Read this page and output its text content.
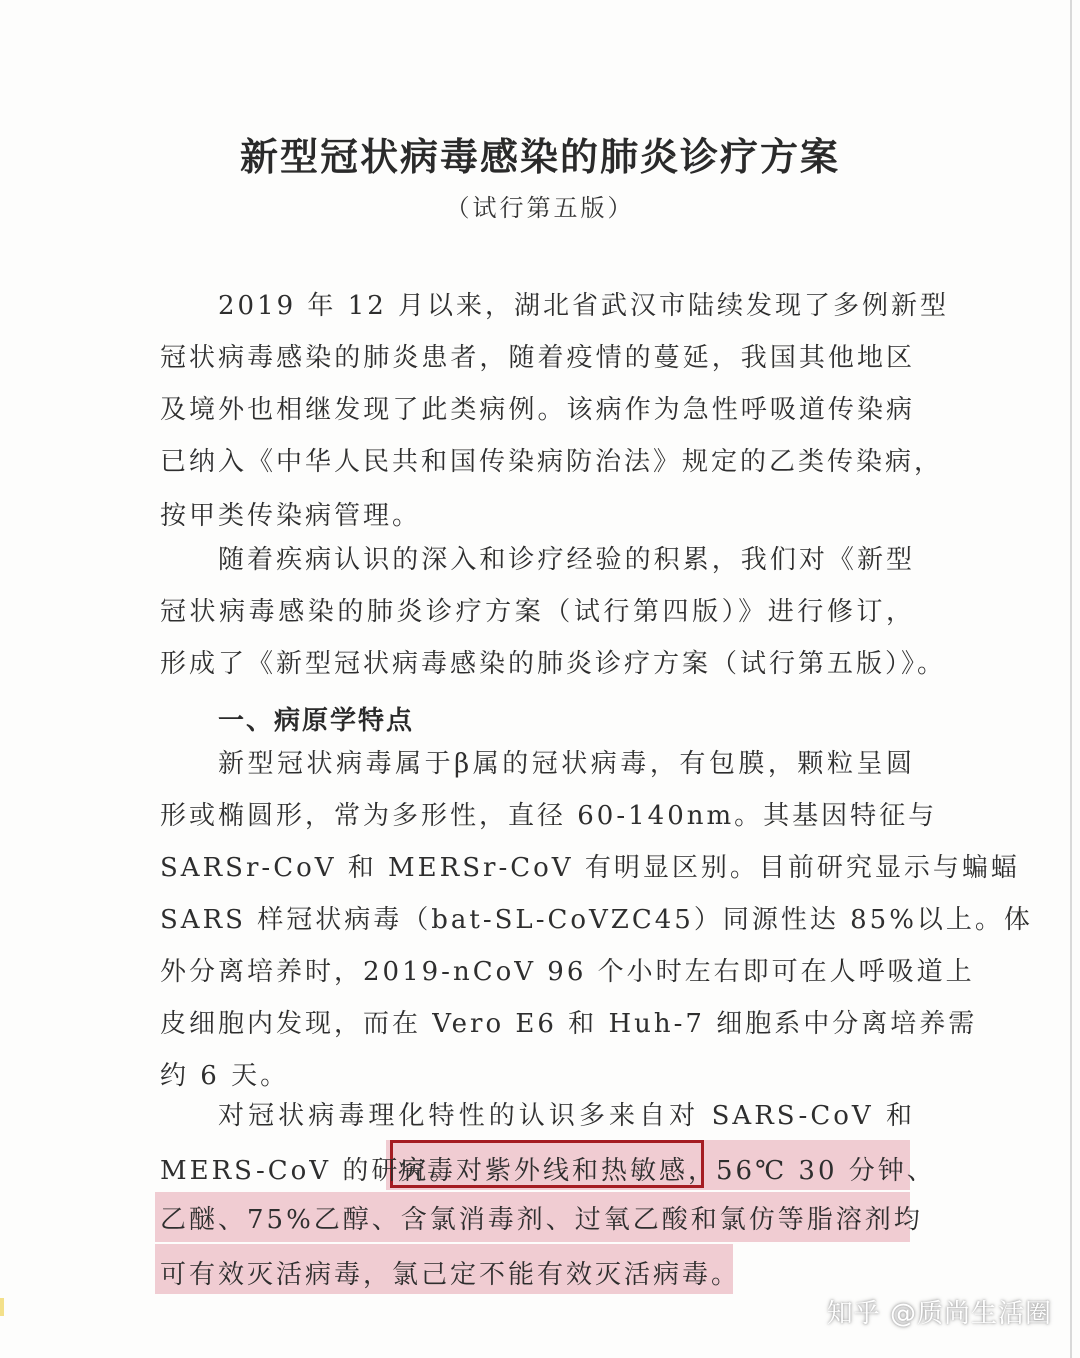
新型冠状病毒感染的肺炎诊疗方案
（试行第五版）
2019 年 12 月以来，湖北省武汉市陆续发现了多例新型
冠状病毒感染的肺炎患者，随着疫情的蔓延，我国其他地区
及境外也相继发现了此类病例。该病作为急性呼吸道传染病
已纳入《中华人民共和国传染病防治法》规定的乙类传染病，
按甲类传染病管理。
随着疾病认识的深入和诊疗经验的积累，我们对《新型
冠状病毒感染的肺炎诊疗方案（试行第四版）》进行修订，
形成了《新型冠状病毒感染的肺炎诊疗方案（试行第五版）》。
一、病原学特点
新型冠状病毒属于β属的冠状病毒，有包膜，颗粒呈圆
形或椭圆形，常为多形性，直径 60-140nm。其基因特征与
SARSr-CoV 和 MERSr-CoV 有明显区别。目前研究显示与蝙蝠
SARS 样冠状病毒（bat-SL-CoVZC45）同源性达 85%以上。体
外分离培养时，2019-nCoV 96 个小时左右即可在人呼吸道上
皮细胞内发现，而在 Vero E6 和 Huh-7 细胞系中分离培养需
约 6 天。
对冠状病毒理化特性的认识多来自对 SARS-CoV 和
MERS-CoV 的研究。
病毒对紫外线和热敏感，
56℃ 30 分钟、
乙醚、75%乙醇、含氯消毒剂、过氧乙酸和氯仿等脂溶剂均
可有效灭活病毒，氯己定不能有效灭活病毒。
知乎 @质尚生活圈
